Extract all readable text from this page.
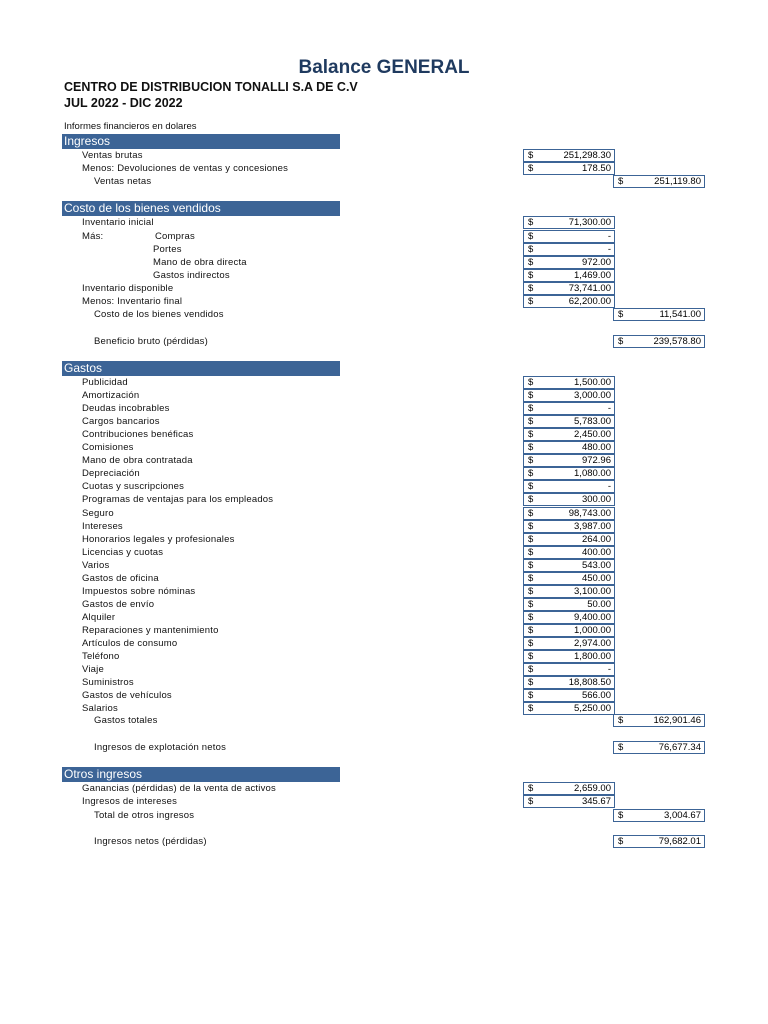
Balance GENERAL
CENTRO DE DISTRIBUCION TONALLI S.A DE C.V
JUL 2022 - DIC 2022
Informes financieros en dolares
Ingresos
Ventas brutas	$	251,298.30
Menos: Devoluciones de ventas y concesiones	$	178.50
Ventas netas	$	251,119.80
Costo de los bienes vendidos
Inventario inicial	$	71,300.00
Más:	Compras	$	-
Portes	$	-
Mano de obra directa	$	972.00
Gastos indirectos	$	1,469.00
Inventario disponible	$	73,741.00
Menos: Inventario final	$	62,200.00
Costo de los bienes vendidos	$	11,541.00
Beneficio bruto (pérdidas)	$	239,578.80
Gastos
Publicidad	$	1,500.00
Amortización	$	3,000.00
Deudas incobrables	$	-
Cargos bancarios	$	5,783.00
Contribuciones benéficas	$	2,450.00
Comisiones	$	480.00
Mano de obra contratada	$	972.96
Depreciación	$	1,080.00
Cuotas y suscripciones	$	-
Programas de ventajas para los empleados	$	300.00
Seguro	$	98,743.00
Intereses	$	3,987.00
Honorarios legales y profesionales	$	264.00
Licencias y cuotas	$	400.00
Varios	$	543.00
Gastos de oficina	$	450.00
Impuestos sobre nóminas	$	3,100.00
Gastos de envío	$	50.00
Alquiler	$	9,400.00
Reparaciones y mantenimiento	$	1,000.00
Artículos de consumo	$	2,974.00
Teléfono	$	1,800.00
Viaje	$	-
Suministros	$	18,808.50
Gastos de vehículos	$	566.00
Salarios	$	5,250.00
Gastos totales	$	162,901.46
Ingresos de explotación netos	$	76,677.34
Otros ingresos
Ganancias (pérdidas) de la venta de activos	$	2,659.00
Ingresos de intereses	$	345.67
Total de otros ingresos	$	3,004.67
Ingresos netos (pérdidas)	$	79,682.01
